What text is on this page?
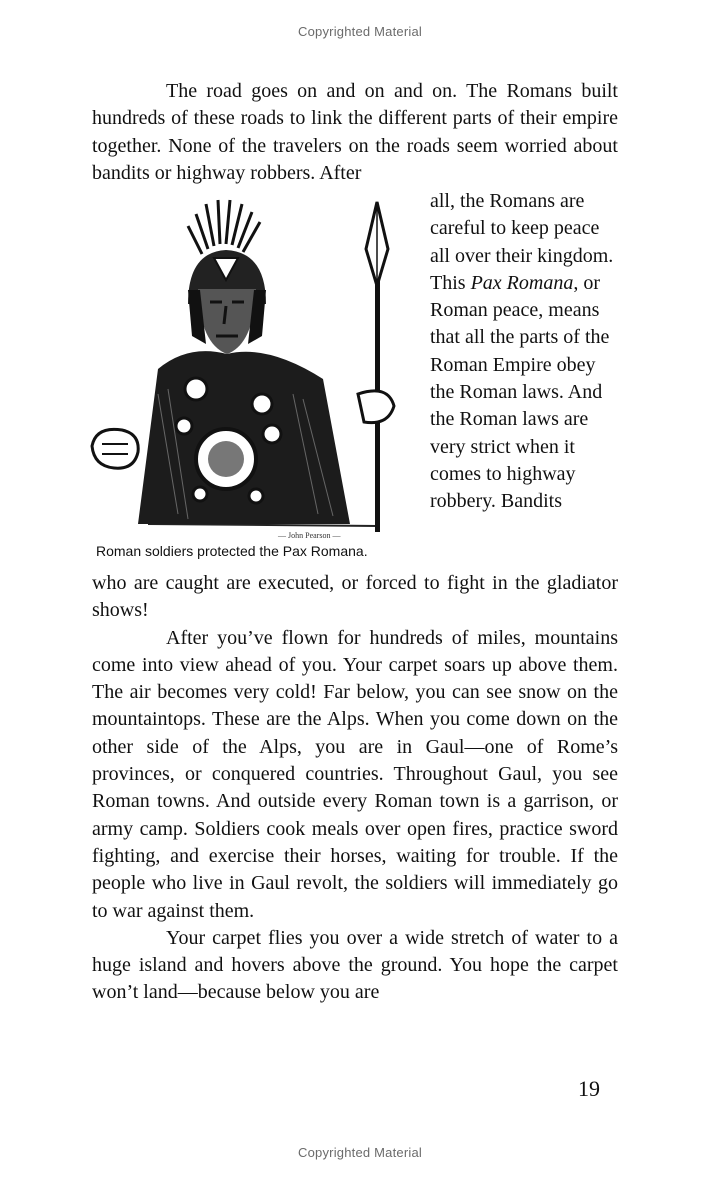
Copyrighted Material

The road goes on and on and on. The Romans built hundreds of these roads to link the different parts of their empire together. None of the travelers on the roads seem worried about bandits or highway robbers. After

all, the Romans are careful to keep peace all over their kingdom. This Pax Romana, or Roman peace, means that all the parts of the Roman Empire obey the Roman laws. And the Roman laws are very strict when it comes to highway robbery. Bandits
— John Pearson —
Roman soldiers protected the Pax Romana.

who are caught are executed, or forced to fight in the gladiator shows!

After you’ve flown for hundreds of miles, mountains come into view ahead of you. Your carpet soars up above them. The air becomes very cold! Far below, you can see snow on the mountaintops. These are the Alps. When you come down on the other side of the Alps, you are in Gaul—one of Rome’s provinces, or conquered countries. Throughout Gaul, you see Roman towns. And outside every Roman town is a garrison, or army camp. Soldiers cook meals over open fires, practice sword fighting, and exercise their horses, waiting for trouble. If the people who live in Gaul revolt, the soldiers will immediately go to war against them.

Your carpet flies you over a wide stretch of water to a huge island and hovers above the ground. You hope the carpet won’t land—because below you are

19
Copyrighted Material
